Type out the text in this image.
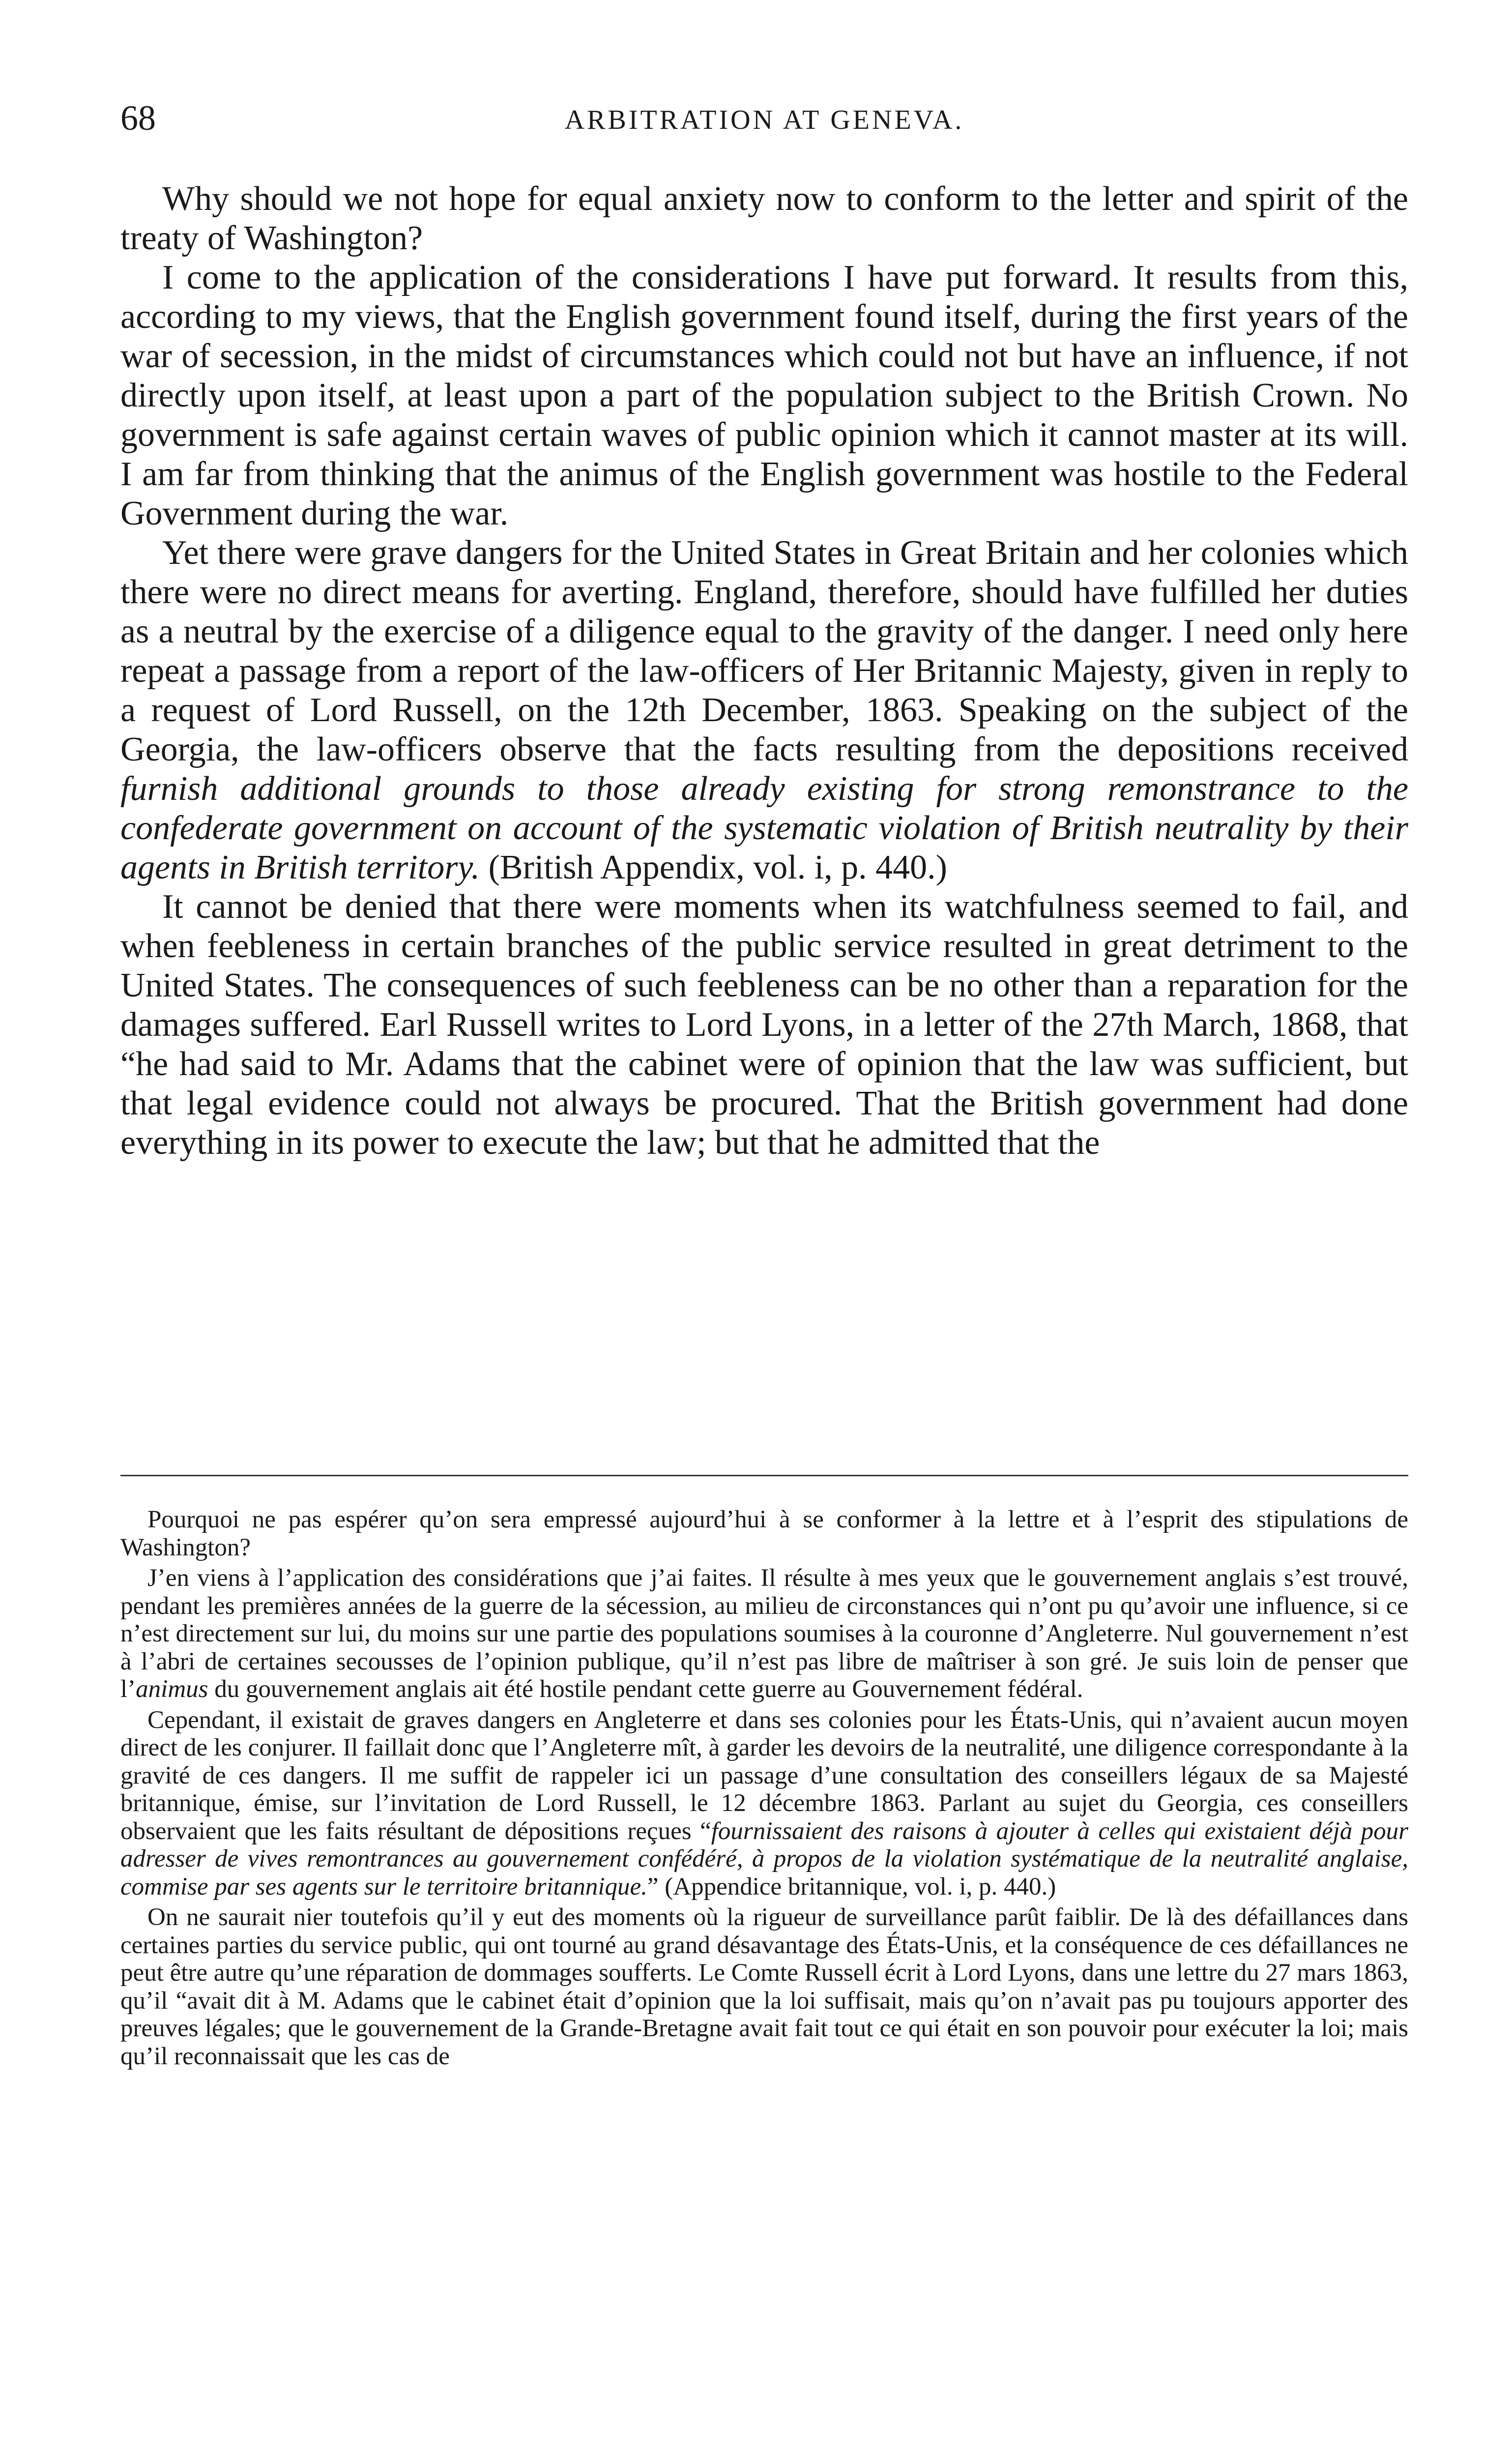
68	ARBITRATION AT GENEVA.

Why should we not hope for equal anxiety now to conform to the letter and spirit of the treaty of Washington?

I come to the application of the considerations I have put forward. It results from this, according to my views, that the English government found itself, during the first years of the war of secession, in the midst of circumstances which could not but have an influence, if not directly upon itself, at least upon a part of the population subject to the British Crown. No government is safe against certain waves of public opinion which it cannot master at its will. I am far from thinking that the animus of the English government was hostile to the Federal Government during the war.

Yet there were grave dangers for the United States in Great Britain and her colonies which there were no direct means for averting. England, therefore, should have fulfilled her duties as a neutral by the exercise of a diligence equal to the gravity of the danger. I need only here repeat a passage from a report of the law-officers of Her Britannic Majesty, given in reply to a request of Lord Russell, on the 12th December, 1863. Speaking on the subject of the Georgia, the law-officers observe that the facts resulting from the depositions received furnish additional grounds to those already existing for strong remonstrance to the confederate government on account of the systematic violation of British neutrality by their agents in British territory. (British Appendix, vol. i, p. 440.)

It cannot be denied that there were moments when its watchfulness seemed to fail, and when feebleness in certain branches of the public service resulted in great detriment to the United States. The consequences of such feebleness can be no other than a reparation for the damages suffered. Earl Russell writes to Lord Lyons, in a letter of the 27th March, 1868, that “he had said to Mr. Adams that the cabinet were of opinion that the law was sufficient, but that legal evidence could not always be procured. That the British government had done everything in its power to execute the law; but that he admitted that the

Pourquoi ne pas espérer qu’on sera empressé aujourd’hui à se conformer à la lettre et à l’esprit des stipulations de Washington?

J’en viens à l’application des considérations que j’ai faites. Il résulte à mes yeux que le gouvernement anglais s’est trouvé, pendant les premières années de la guerre de la sécession, au milieu de circonstances qui n’ont pu qu’avoir une influence, si ce n’est directement sur lui, du moins sur une partie des populations soumises à la couronne d’Angleterre. Nul gouvernement n’est à l’abri de certaines secousses de l’opinion publique, qu’il n’est pas libre de maîtriser à son gré. Je suis loin de penser que l’animus du gouvernement anglais ait été hostile pendant cette guerre au Gouvernement fédéral.

Cependant, il existait de graves dangers en Angleterre et dans ses colonies pour les États-Unis, qui n’avaient aucun moyen direct de les conjurer. Il faillait donc que l’Angleterre mît, à garder les devoirs de la neutralité, une diligence correspondante à la gravité de ces dangers. Il me suffit de rappeler ici un passage d’une consultation des conseillers légaux de sa Majesté britannique, émise, sur l’invitation de Lord Russell, le 12 décembre 1863. Parlant au sujet du Georgia, ces conseillers observaient que les faits résultant de dépositions reçues “fournissaient des raisons à ajouter à celles qui existaient déjà pour adresser de vives remontrances au gouvernement confédéré, à propos de la violation systématique de la neutralité anglaise, commise par ses agents sur le territoire britannique.” (Appendice britannique, vol. i, p. 440.)

On ne saurait nier toutefois qu’il y eut des moments où la rigueur de surveillance parût faiblir. De là des défaillances dans certaines parties du service public, qui ont tourné au grand désavantage des États-Unis, et la conséquence de ces défaillances ne peut être autre qu’une réparation de dommages soufferts. Le Comte Russell écrit à Lord Lyons, dans une lettre du 27 mars 1863, qu’il “avait dit à M. Adams que le cabinet était d’opinion que la loi suffisait, mais qu’on n’avait pas pu toujours apporter des preuves légales; que le gouvernement de la Grande-Bretagne avait fait tout ce qui était en son pouvoir pour exécuter la loi; mais qu’il reconnaissait que les cas de
